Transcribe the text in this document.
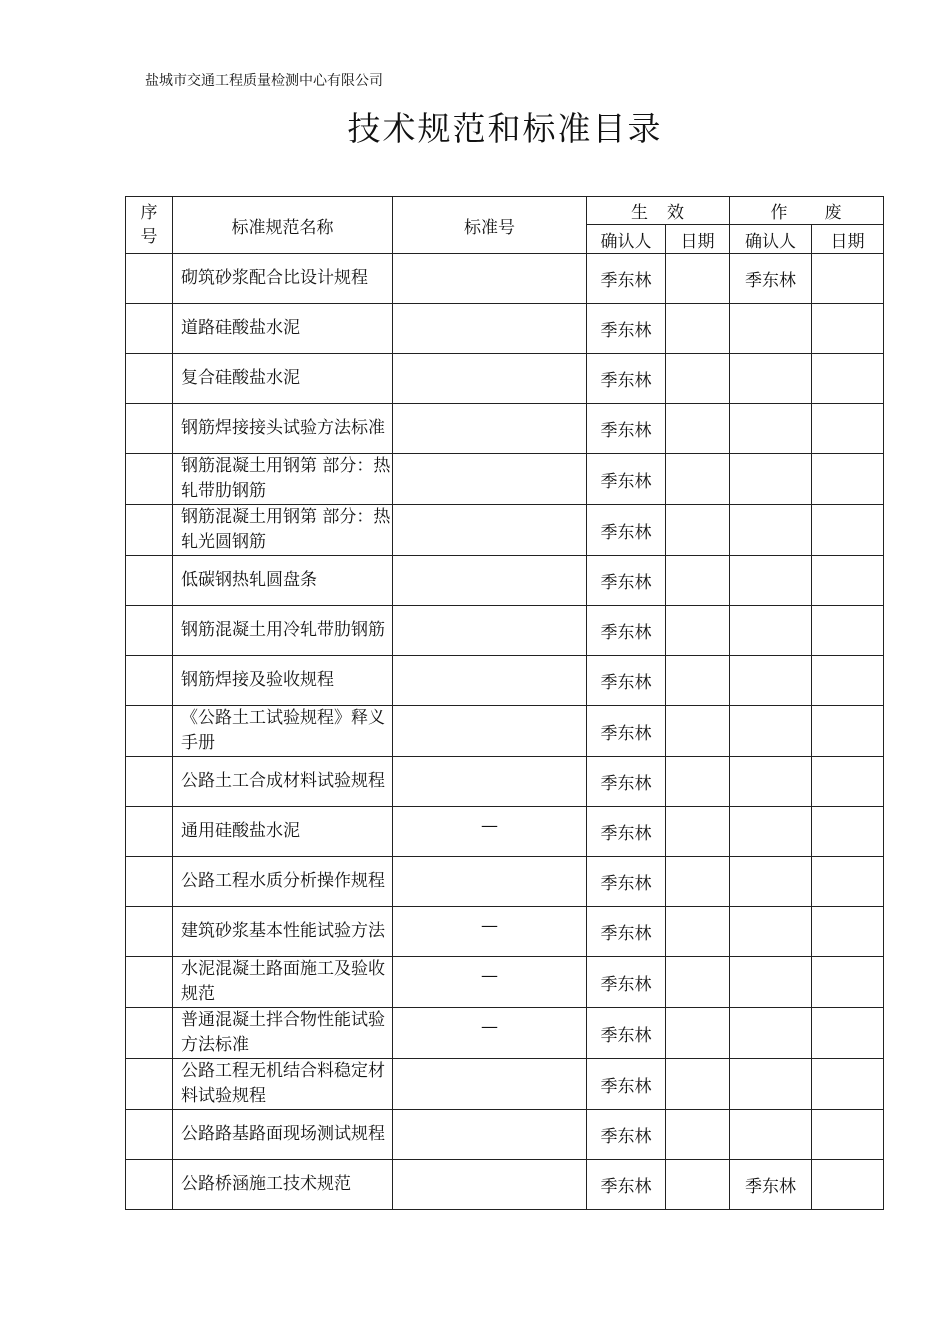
盐城市交通工程质量检测中心有限公司
技术规范和标准目录
序号	标准规范名称	标准号	生　效		作　　废	
			确认人	日期	确认人	日期
	砌筑砂浆配合比设计规程		季东林		季东林	
	道路硅酸盐水泥		季东林			
	复合硅酸盐水泥		季东林			
	钢筋焊接接头试验方法标准		季东林			
	钢筋混凝土用钢第 部分：热轧带肋钢筋		季东林			
	钢筋混凝土用钢第 部分：热轧光圆钢筋		季东林			
	低碳钢热轧圆盘条		季东林			
	钢筋混凝土用冷轧带肋钢筋		季东林			
	钢筋焊接及验收规程		季东林			
	《公路土工试验规程》释义手册		季东林			
	公路土工合成材料试验规程		季东林			
	通用硅酸盐水泥	—	季东林			
	公路工程水质分析操作规程		季东林			
	建筑砂浆基本性能试验方法	—	季东林			
	水泥混凝土路面施工及验收规范	—	季东林			
	普通混凝土拌合物性能试验方法标准	—	季东林			
	公路工程无机结合料稳定材料试验规程		季东林			
	公路路基路面现场测试规程		季东林			
	公路桥涵施工技术规范		季东林		季东林	
